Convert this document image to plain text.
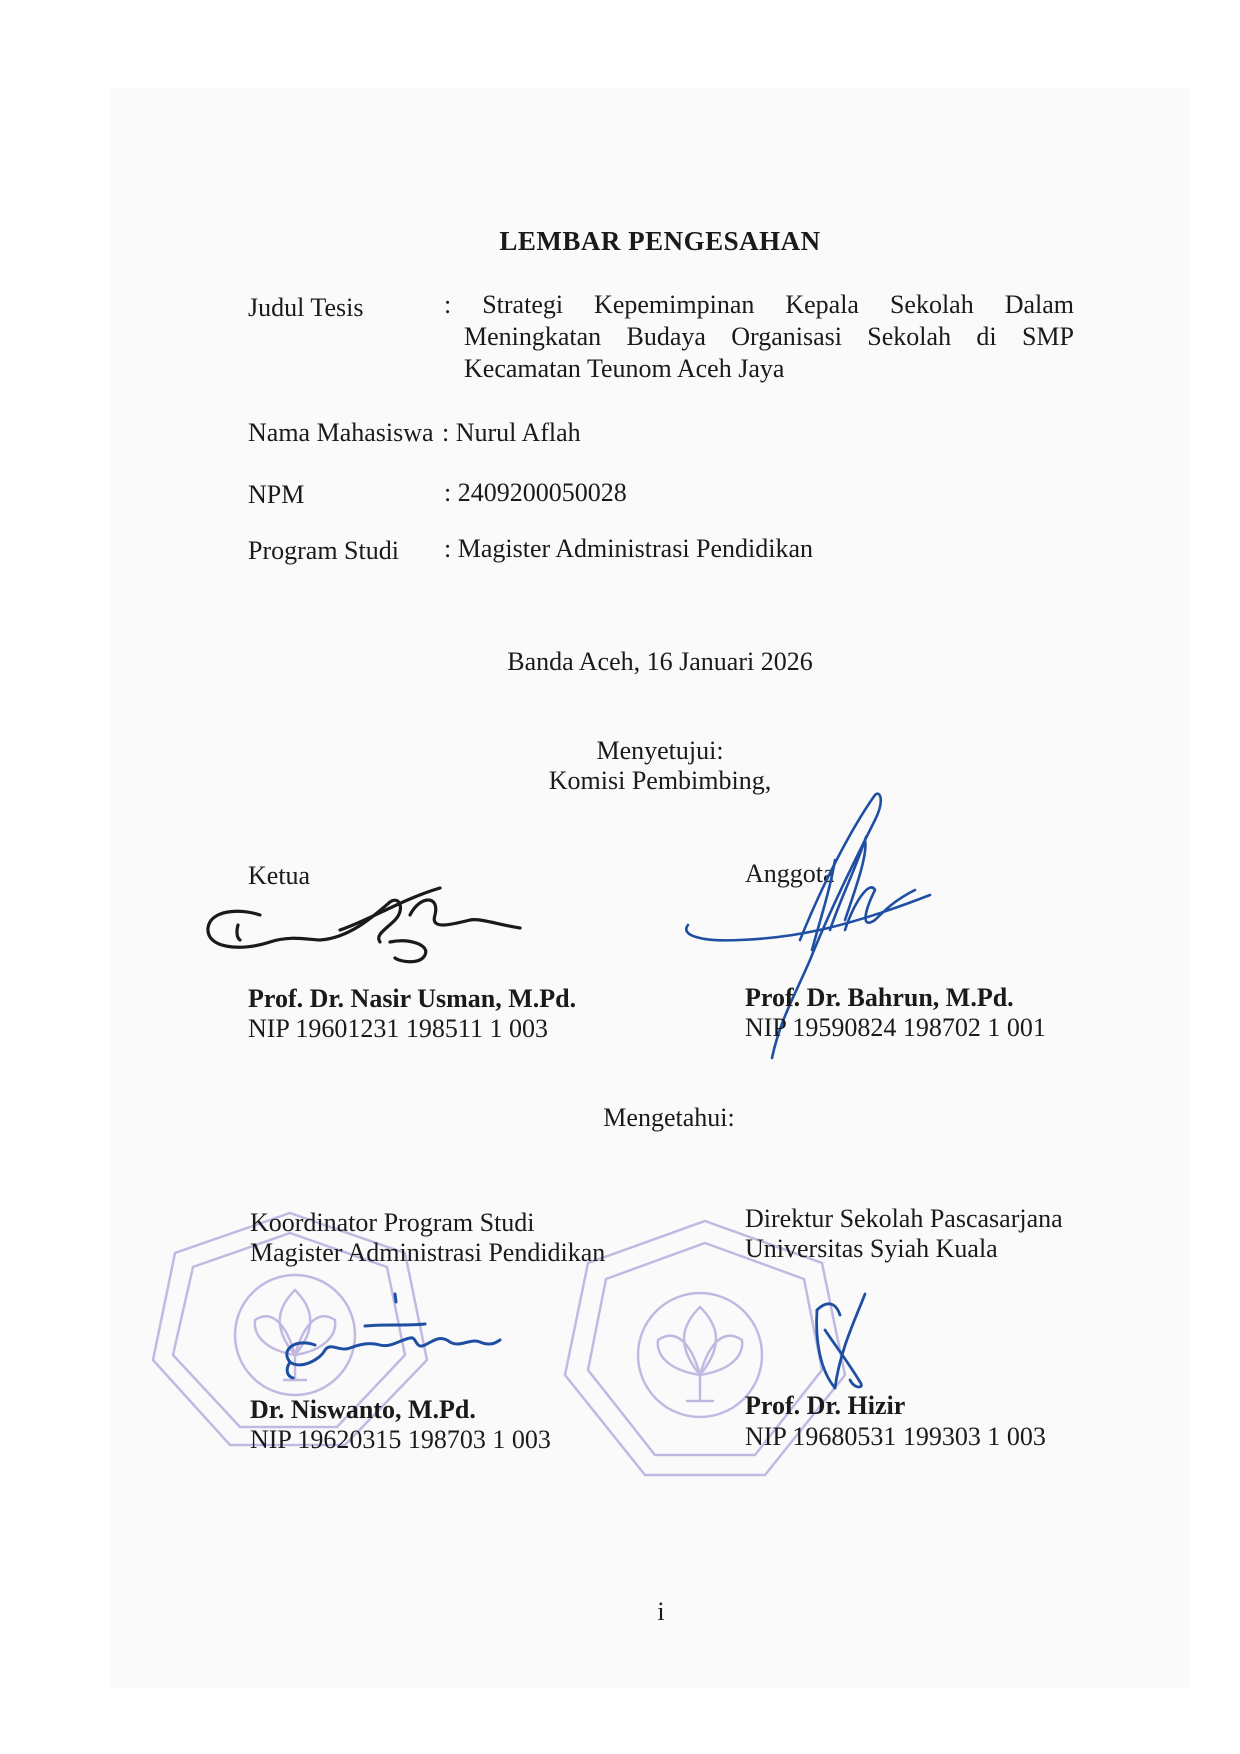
LEMBAR PENGESAHAN
Judul Tesis	: Strategi Kepemimpinan Kepala Sekolah Dalam
Meningkatan Budaya Organisasi Sekolah di SMP
Kecamatan Teunom Aceh Jaya
Nama Mahasiswa : Nurul Aflah
NPM	: 2409200050028
Program Studi : Magister Administrasi Pendidikan
Banda Aceh, 16 Januari 2026
Menyetujui:
Komisi Pembimbing,
Ketua	Anggota
Prof. Dr. Nasir Usman, M.Pd.
NIP 19601231 198511 1 003
Prof. Dr. Bahrun, M.Pd.
NIP 19590824 198702 1 001
Mengetahui:
Koordinator Program Studi
Magister Administrasi Pendidikan
Direktur Sekolah Pascasarjana
Universitas Syiah Kuala
Dr. Niswanto, M.Pd.
NIP 19620315 198703 1 003
Prof. Dr. Hizir
NIP 19680531 199303 1 003
i
